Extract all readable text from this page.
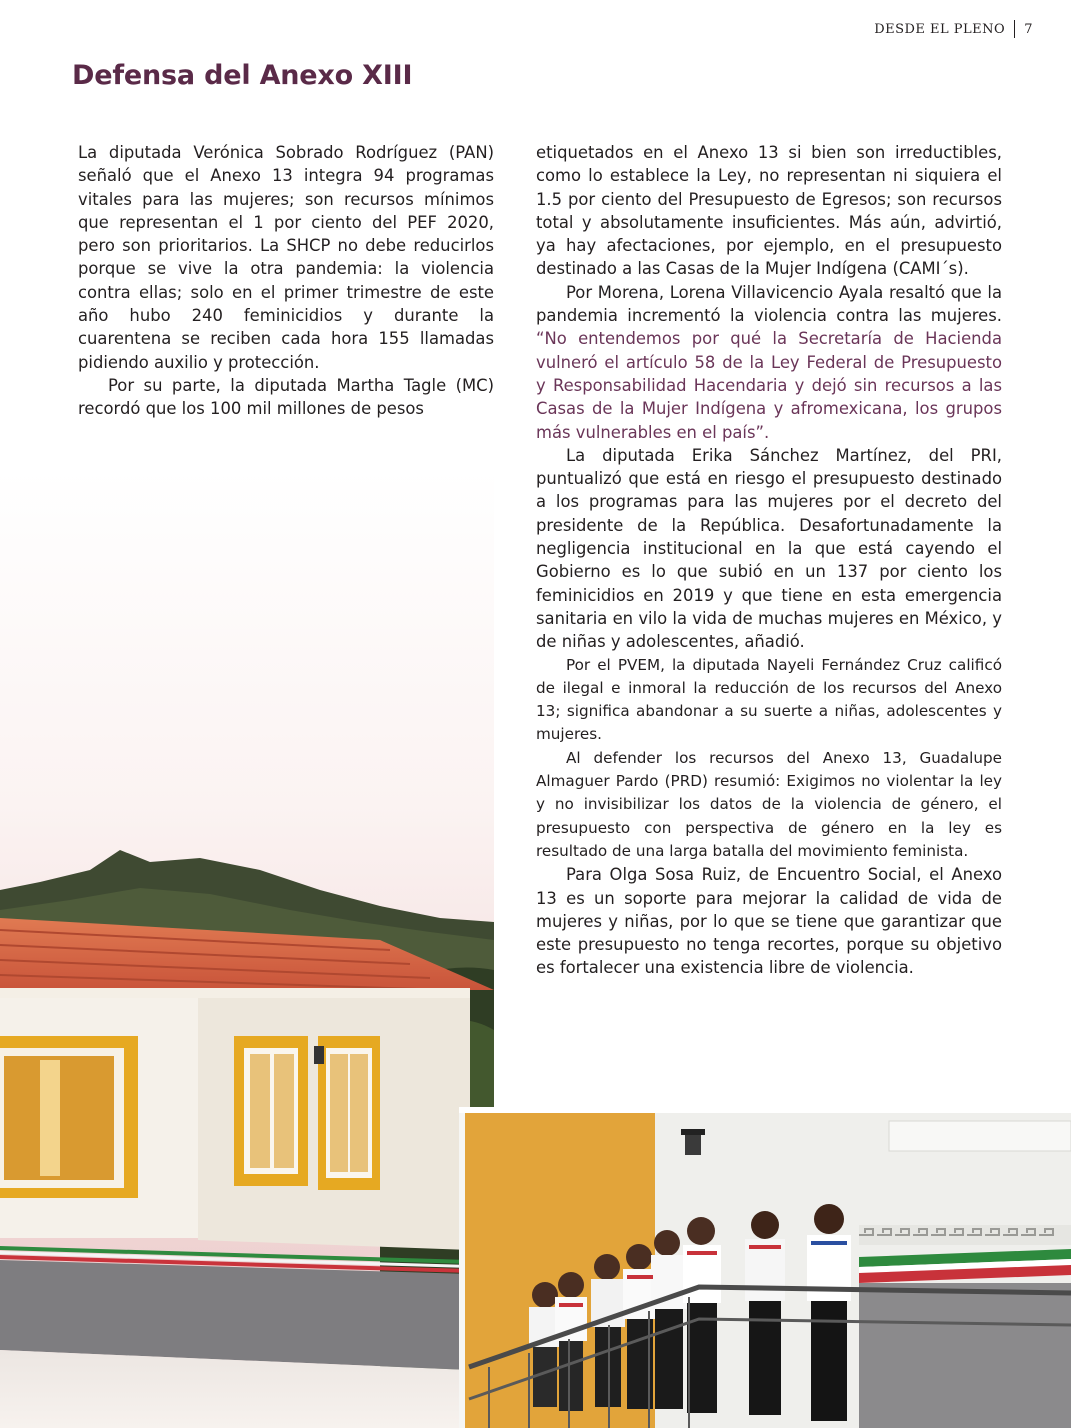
DESDE EL PLENO 7
Defensa del Anexo XIII

La diputada Verónica Sobrado Rodríguez (PAN) señaló que el Anexo 13 integra 94 programas vitales para las mujeres; son recursos mínimos que representan el 1 por ciento del PEF 2020, pero son prioritarios. La SHCP no debe reducirlos porque se vive la otra pandemia: la violencia contra ellas; solo en el primer trimestre de este año hubo 240 feminicidios y durante la cuarentena se reciben cada hora 155 llamadas pidiendo auxilio y protección.

Por su parte, la diputada Martha Tagle (MC) recordó que los 100 mil millones de pesos

etiquetados en el Anexo 13 si bien son irreductibles, como lo establece la Ley, no representan ni siquiera el 1.5 por ciento del Presupuesto de Egresos; son recursos total y absolutamente insuficientes. Más aún, advirtió, ya hay afectaciones, por ejemplo, en el presupuesto destinado a las Casas de la Mujer Indígena (CAMI´s).

Por Morena, Lorena Villavicencio Ayala resaltó que la pandemia incrementó la violencia contra las mujeres. “No entendemos por qué la Secretaría de Hacienda vulneró el artículo 58 de la Ley Federal de Presupuesto y Responsabilidad Hacendaria y dejó sin recursos a las Casas de la Mujer Indígena y afromexicana, los grupos más vulnerables en el país”.

La diputada Erika Sánchez Martínez, del PRI, puntualizó que está en riesgo el presupuesto destinado a los programas para las mujeres por el decreto del presidente de la República. Desafortunadamente la negligencia institucional en la que está cayendo el Gobierno es lo que subió en un 137 por ciento los feminicidios en 2019 y que tiene en esta emergencia sanitaria en vilo la vida de muchas mujeres en México, y de niñas y adolescentes, añadió.

Por el PVEM, la diputada Nayeli Fernández Cruz calificó de ilegal e inmoral la reducción de los recursos del Anexo 13; significa abandonar a su suerte a niñas, adolescentes y mujeres.

Al defender los recursos del Anexo 13, Guadalupe Almaguer Pardo (PRD) resumió: Exigimos no violentar la ley y no invisibilizar los datos de la violencia de género, el presupuesto con perspectiva de género en la ley es resultado de una larga batalla del movimiento feminista.

Para Olga Sosa Ruiz, de Encuentro Social, el Anexo 13 es un soporte para mejorar la calidad de vida de mujeres y niñas, por lo que se tiene que garantizar que este presupuesto no tenga recortes, porque su objetivo es fortalecer una existencia libre de violencia.
